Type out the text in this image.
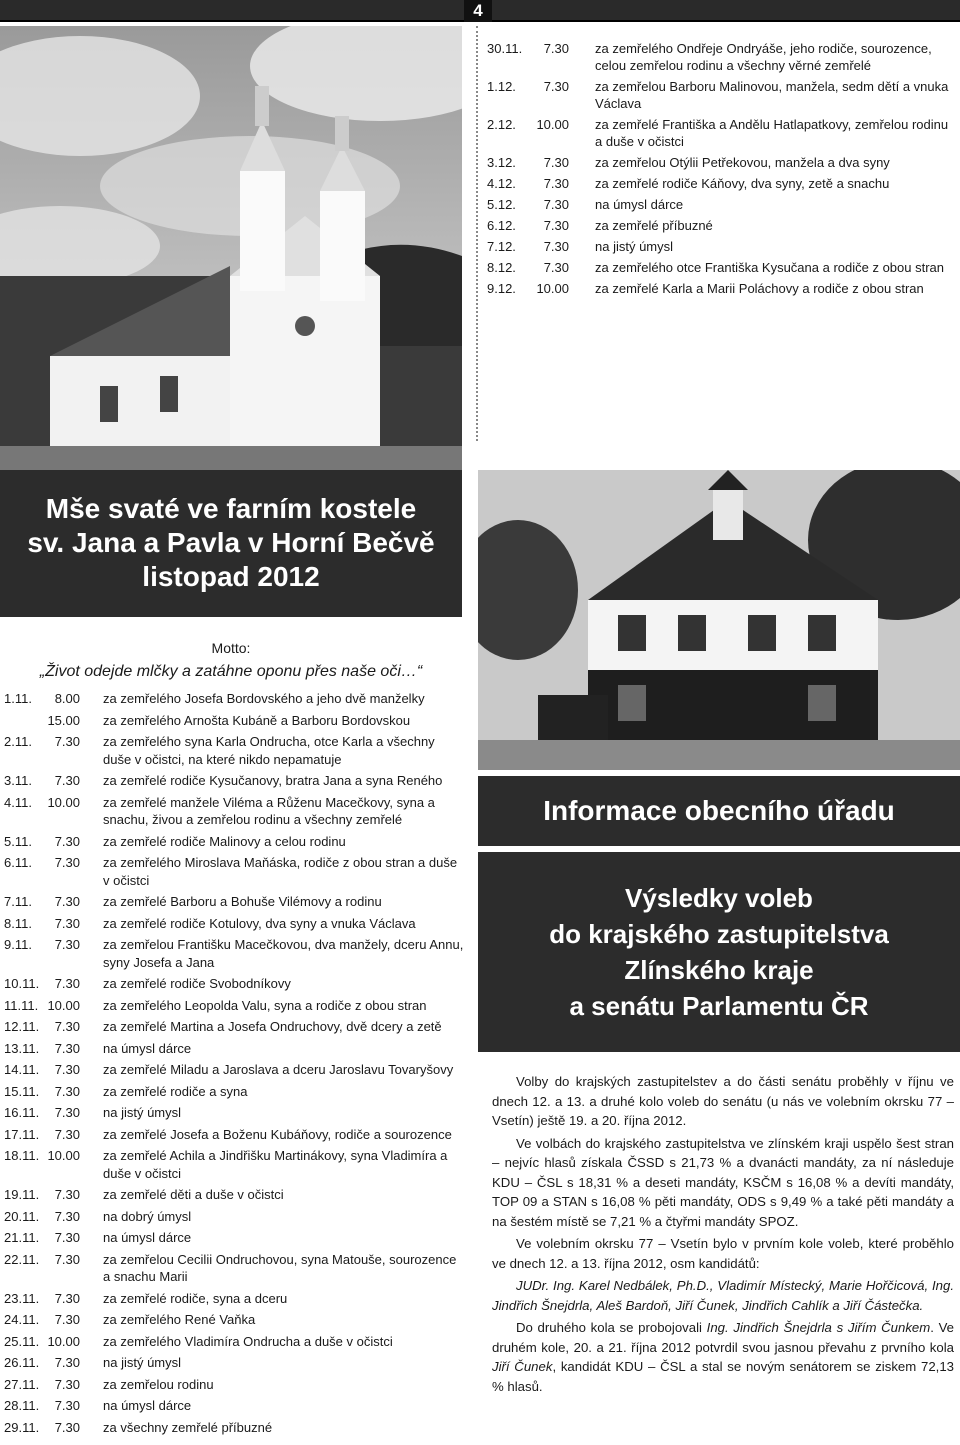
4
30.11.	7.30 za zemřelého Ondřeje Ondryáše, jeho rodiče, sourozence, celou zemřelou rodinu a všechny věrné zemřelé
1.12.	7.30 za zemřelou Barboru Malinovou, manžela, sedm dětí a vnuka Václava
2.12.	10.00 za zemřelé Františka a Andělu Hatlapatkovy, zemřelou rodinu a duše v očistci
3.12.	7.30 za zemřelou Otýlii Petřekovou, manžela a dva syny
4.12.	7.30 za zemřelé rodiče Káňovy, dva syny, zetě a snachu
5.12.	7.30 na úmysl dárce
6.12.	7.30 za zemřelé příbuzné
7.12.	7.30 na jistý úmysl
8.12.	7.30 za zemřelého otce Františka Kysučana a rodiče z obou stran
9.12.	10.00 za zemřelé Karla a Marii Poláchovy a rodiče z obou stran
Mše svaté ve farním kostele
sv. Jana a Pavla v Horní Bečvě
listopad 2012
Motto:
„Život odejde mlčky a zatáhne oponu přes naše oči…“
1.11.	8.00 za zemřelého Josefa Bordovského a jeho dvě manželky
15.00 za zemřelého Arnošta Kubáně a Barboru Bordovskou
2.11.	7.30 za zemřelého syna Karla Ondrucha, otce Karla a všechny duše v očistci, na které nikdo nepamatuje
3.11.	7.30 za zemřelé rodiče Kysučanovy, bratra Jana a syna Reného
4.11.	10.00 za zemřelé manžele Viléma a Růženu Macečkovy, syna a snachu, živou a zemřelou rodinu a všechny zemřelé
5.11.	7.30 za zemřelé rodiče Malinovy a celou rodinu
6.11.	7.30 za zemřelého Miroslava Maňáska, rodiče z obou stran a duše v očistci
7.11.	7.30 za zemřelé Barboru a Bohuše Vilémovy a rodinu
8.11.	7.30 za zemřelé rodiče Kotulovy, dva syny a vnuka Václava
9.11.	7.30 za zemřelou Františku Macečkovou, dva manžely, dceru Annu, syny Josefa a Jana
10.11.	7.30 za zemřelé rodiče Svobodníkovy
11.11. 10.00 za zemřelého Leopolda Valu, syna a rodiče z obou stran
12.11.	7.30 za zemřelé Martina a Josefa Ondruchovy, dvě dcery a zetě
13.11.	7.30 na úmysl dárce
14.11.	7.30 za zemřelé Miladu a Jaroslava a dceru Jaroslavu Tovaryšovy
15.11.	7.30 za zemřelé rodiče a syna
16.11.	7.30 na jistý úmysl
17.11.	7.30 za zemřelé Josefa a Boženu Kubáňovy, rodiče a sourozence
18.11. 10.00 za zemřelé Achila a Jindřišku Martinákovy, syna Vladimíra a duše v očistci
19.11.	7.30 za zemřelé děti a duše v očistci
20.11.	7.30 na dobrý úmysl
21.11.	7.30 na úmysl dárce
22.11.	7.30 za zemřelou Cecilii Ondruchovou, syna Matouše, sourozence a snachu Marii
23.11.	7.30 za zemřelé rodiče, syna a dceru
24.11.	7.30 za zemřelého René Vaňka
25.11. 10.00 za zemřelého Vladimíra Ondrucha a duše v očistci
26.11.	7.30 na jistý úmysl
27.11.	7.30 za zemřelou rodinu
28.11.	7.30 na úmysl dárce
29.11.	7.30 za všechny zemřelé příbuzné
Informace obecního úřadu
Výsledky voleb
do krajského zastupitelstva
Zlínského kraje
a senátu Parlamentu ČR

Volby do krajských zastupitelstev a do části senátu proběhly v říjnu ve dnech 12. a 13. a druhé kolo voleb do senátu (u nás ve volebním okrsku 77 – Vsetín) ještě 19. a 20. října 2012.

Ve volbách do krajského zastupitelstva ve zlínském kraji uspělo šest stran – nejvíc hlasů získala ČSSD s 21,73 % a dvanácti mandáty, za ní následuje KDU – ČSL s 18,31 % a deseti mandáty, KSČM s 16,08 % a devíti mandáty, TOP 09 a STAN s 16,08 % pěti mandáty, ODS s 9,49 % a také pěti mandáty a na šestém místě se 7,21 % a čtyřmi mandáty SPOZ.

Ve volebním okrsku 77 – Vsetín bylo v prvním kole voleb, které proběhlo ve dnech 12. a 13. října 2012, osm kandidátů:

JUDr. Ing. Karel Nedbálek, Ph.D., Vladimír Místecký, Marie Hořčicová, Ing. Jindřich Šnejdrla, Aleš Bardoň, Jiří Čunek, Jindřich Cahlík a Jiří Částečka.

Do druhého kola se probojovali Ing. Jindřich Šnejdrla s Jiřím Čunkem. Ve druhém kole, 20. a 21. října 2012 potvrdil svou jasnou převahu z prvního kola Jiří Čunek, kandidát KDU – ČSL a stal se novým senátorem se ziskem 72,13 % hlasů.
